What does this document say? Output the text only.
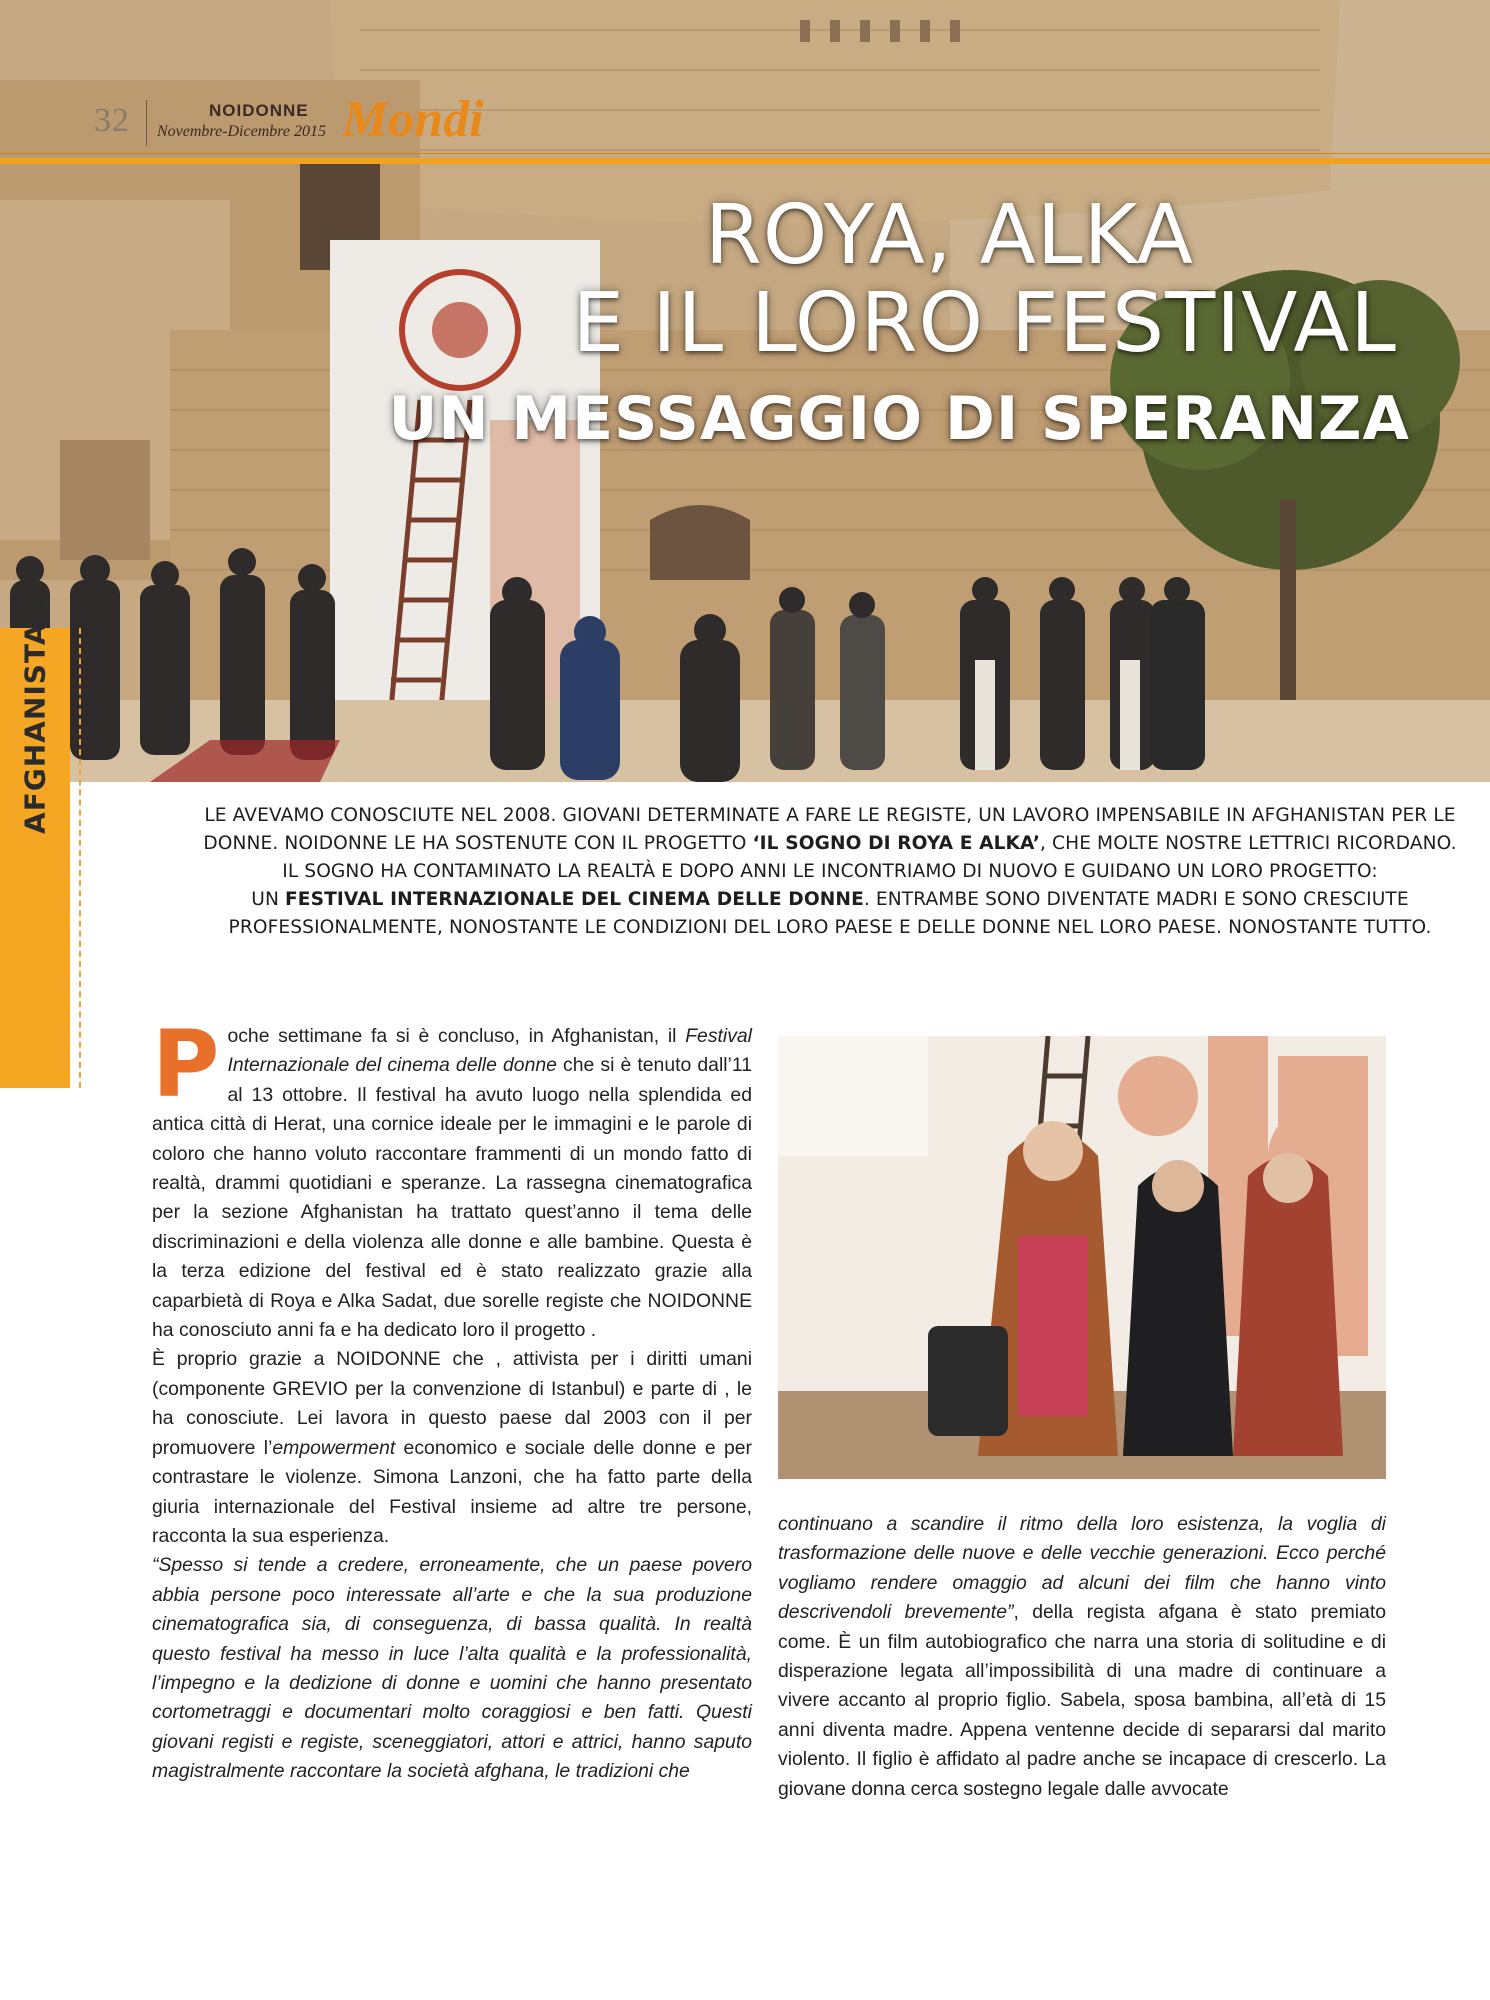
32	NOIDONNE
Novembre-Dicembre 2015 Mondi
ROYA, ALKA
E IL LORO FESTIVAL
UN MESSAGGIO DI SPERANZA
AFGHANISTAN	LE AVEVAMO CONOSCIUTE NEL 2008. GIOVANI DETERMINATE A FARE LE REGISTE, UN LAVORO IMPENSABILE IN AFGHANISTAN PER LE

DONNE. NOIDONNE LE HA SOSTENUTE CON IL PROGETTO ‘IL SOGNO DI ROYA E ALKA’, CHE MOLTE NOSTRE LETTRICI RICORDANO.

IL SOGNO HA CONTAMINATO LA REALTÀ E DOPO ANNI LE INCONTRIAMO DI NUOVO E GUIDANO UN LORO PROGETTO:

UN FESTIVAL INTERNAZIONALE DEL CINEMA DELLE DONNE. ENTRAMBE SONO DIVENTATE MADRI E SONO CRESCIUTE

PROFESSIONALMENTE, NONOSTANTE LE CONDIZIONI DEL LORO PAESE E DELLE DONNE NEL LORO PAESE. NONOSTANTE TUTTO.

Poche settimane fa si è concluso, in Afghanistan, il Festival Internazionale del cinema delle donne che si è tenuto dall’11 al 13 ottobre. Il festival ha avuto luogo nella splendida ed antica città di Herat, una cornice ideale per le immagini e le parole di coloro che hanno voluto raccontare frammenti di un mondo fatto di realtà, drammi quotidiani e speranze. La rassegna cinematografica per la sezione Afghanistan ha trattato quest’anno il tema delle discriminazioni e della violenza alle donne e alle bambine. Questa è la terza edizione del festival ed è stato realizzato grazie alla caparbietà di Roya e Alka Sadat, due sorelle registe che NOIDONNE ha conosciuto anni fa e ha dedicato loro il progetto .

È proprio grazie a NOIDONNE che , attivista per i diritti umani (componente GREVIO per la convenzione di Istanbul) e parte di , le ha conosciute. Lei lavora in questo paese dal 2003 con il per promuovere l’empowerment economico e sociale delle donne e per contrastare le violenze. Simona Lanzoni, che ha fatto parte della giuria internazionale del Festival insieme ad altre tre persone, racconta la sua esperienza.

“Spesso si tende a credere, erroneamente, che un paese povero abbia persone poco interessate all’arte e che la sua produzione cinematografica sia, di conseguenza, di bassa qualità. In realtà questo festival ha messo in luce l’alta qualità e la professionalità, l’impegno e la dedizione di donne e uomini che hanno presentato cortometraggi e documentari molto coraggiosi e ben fatti. Questi giovani registi e registe, sceneggiatori, attori e attrici, hanno saputo magistralmente raccontare la società afghana, le tradizioni che

continuano a scandire il ritmo della loro esistenza, la voglia di trasformazione delle nuove e delle vecchie generazioni. Ecco perché vogliamo rendere omaggio ad alcuni dei film che hanno vinto descrivendoli brevemente”, della regista afgana è stato premiato come. È un film autobiografico che narra una storia di solitudine e di disperazione legata all’impossibilità di una madre di continuare a vivere accanto al proprio figlio. Sabela, sposa bambina, all’età di 15 anni diventa madre. Appena ventenne decide di separarsi dal marito violento. Il figlio è affidato al padre anche se incapace di crescerlo. La giovane donna cerca sostegno legale dalle avvocate
